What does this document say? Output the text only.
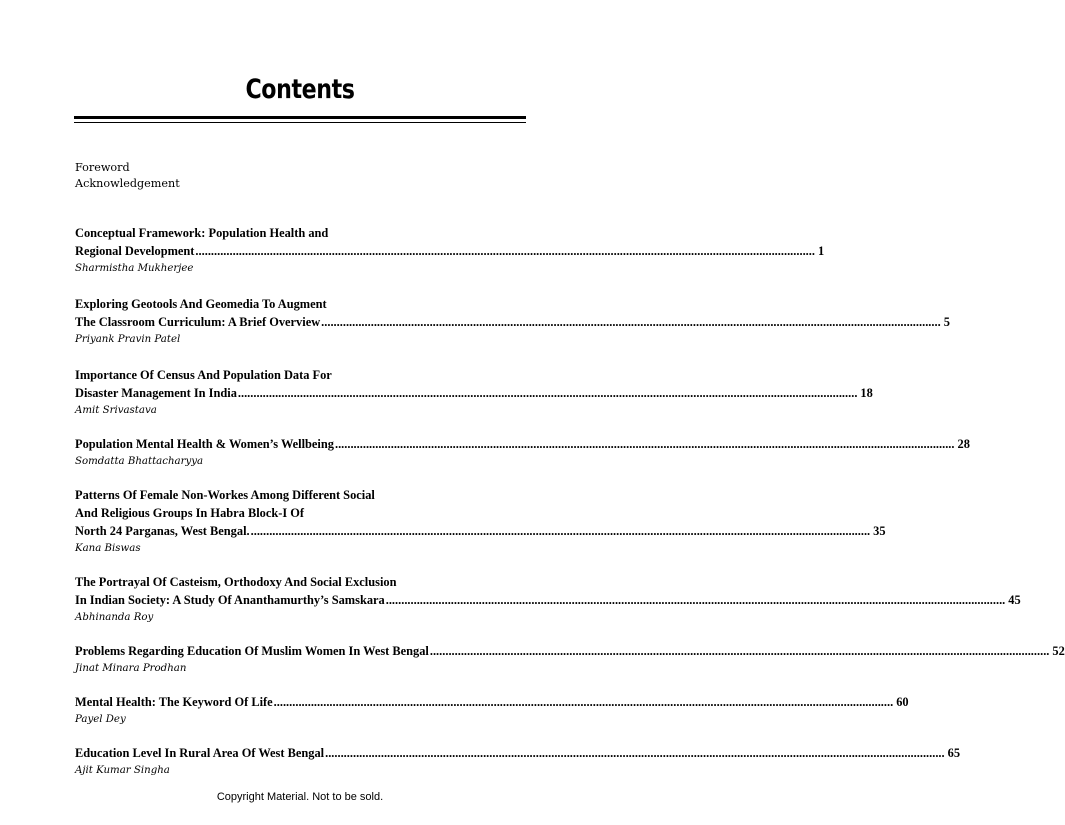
Contents
Foreword
Acknowledgement
Conceptual Framework: Population Health and
Regional Development ........................................................................................................................................................................................................ 1
Sharmistha Mukherjee
Exploring Geotools And Geomedia To Augment
The Classroom Curriculum: A Brief Overview ........................................................................................................................................................................................................ 5
Priyank Pravin Patel
Importance Of Census And Population Data For
Disaster Management In India ........................................................................................................................................................................................................ 18
Amit Srivastava
Population Mental Health & Women’s Wellbeing ........................................................................................................................................................................................................ 28
Somdatta Bhattacharyya
Patterns Of Female Non-Workes Among Different Social
And Religious Groups In Habra Block-I Of
North 24 Parganas, West Bengal. ........................................................................................................................................................................................................ 35
Kana Biswas
The Portrayal Of Casteism, Orthodoxy And Social Exclusion
In Indian Society: A Study Of Ananthamurthy’s Samskara ........................................................................................................................................................................................................ 45
Abhinanda Roy
Problems Regarding Education Of Muslim Women In West Bengal ........................................................................................................................................................................................................ 52
Jinat Minara Prodhan
Mental Health: The Keyword Of Life ........................................................................................................................................................................................................ 60
Payel Dey
Education Level In Rural Area Of West Bengal ........................................................................................................................................................................................................ 65
Ajit Kumar Singha
Copyright Material. Not to be sold.
